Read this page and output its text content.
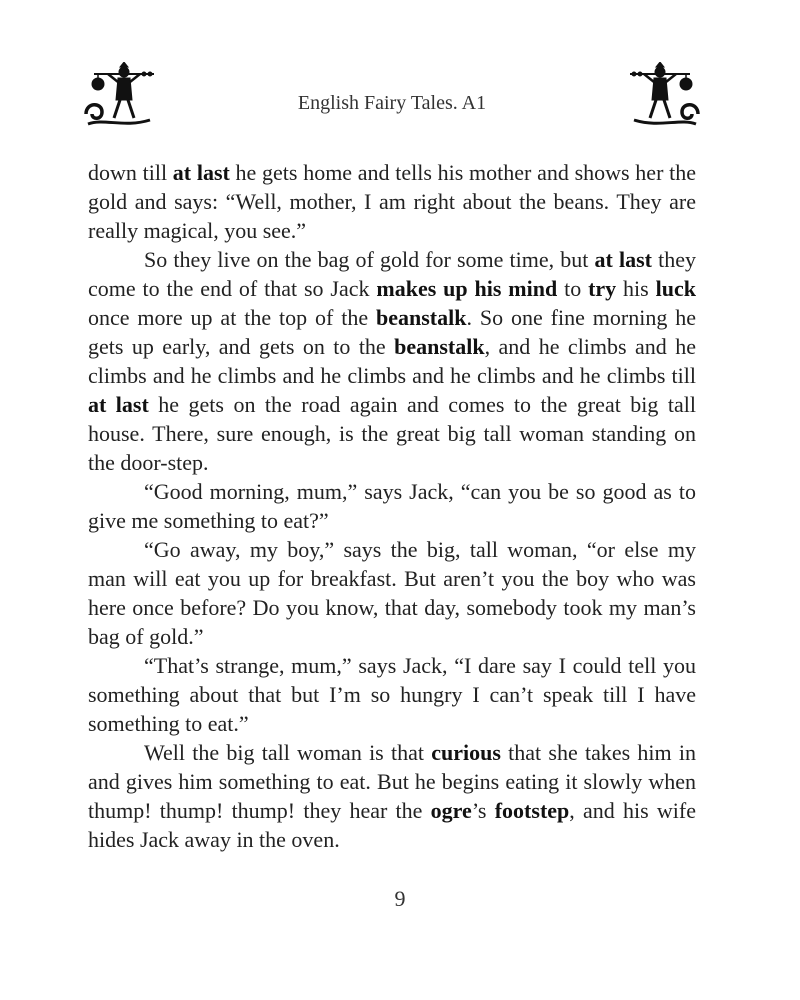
English Fairy Tales. A1

down till at last he gets home and tells his mother and shows her the gold and says: “Well, mother, I am right about the beans. They are really magical, you see.”

So they live on the bag of gold for some time, but at last they come to the end of that so Jack makes up his mind to try his luck once more up at the top of the beanstalk. So one fine morning he gets up early, and gets on to the beanstalk, and he climbs and he climbs and he climbs and he climbs and he climbs and he climbs till at last he gets on the road again and comes to the great big tall house. There, sure enough, is the great big tall woman standing on the door-step.

“Good morning, mum,” says Jack, “can you be so good as to give me something to eat?”

“Go away, my boy,” says the big, tall woman, “or else my man will eat you up for breakfast. But aren’t you the boy who was here once before? Do you know, that day, somebody took my man’s bag of gold.”

“That’s strange, mum,” says Jack, “I dare say I could tell you something about that but I’m so hungry I can’t speak till I have something to eat.”

Well the big tall woman is that curious that she takes him in and gives him something to eat. But he begins eating it slowly when thump! thump! thump! they hear the ogre’s footstep, and his wife hides Jack away in the oven.

9
